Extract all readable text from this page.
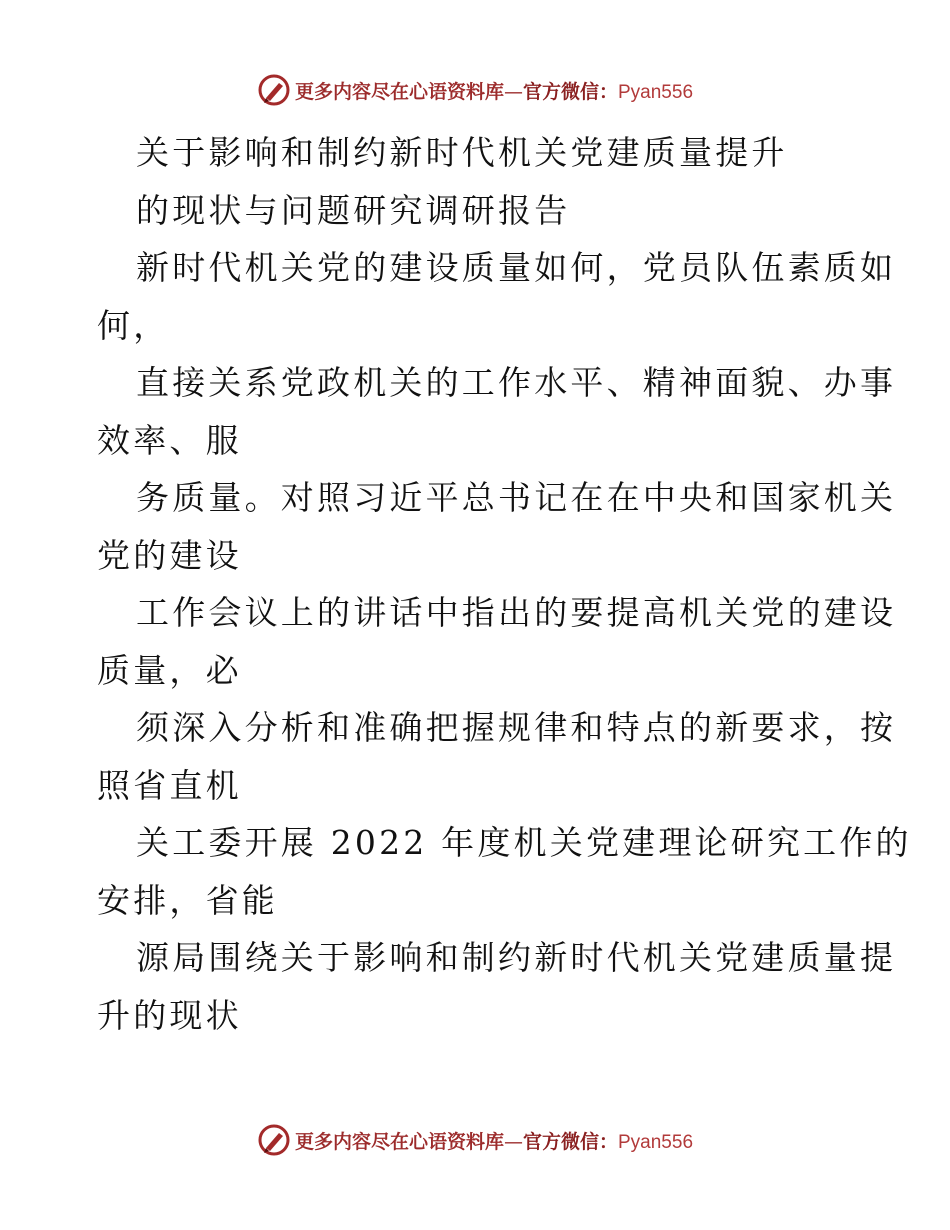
更多内容尽在心语资料库—官方微信：Pyan556
关于影响和制约新时代机关党建质量提升
的现状与问题研究调研报告
新时代机关党的建设质量如何，党员队伍素质如
何，
直接关系党政机关的工作水平、精神面貌、办事
效率、服
务质量。对照习近平总书记在在中央和国家机关
党的建设
工作会议上的讲话中指出的要提高机关党的建设
质量，必
须深入分析和准确把握规律和特点的新要求，按
照省直机
关工委开展 2022 年度机关党建理论研究工作的
安排，省能
源局围绕关于影响和制约新时代机关党建质量提
升的现状
更多内容尽在心语资料库—官方微信：Pyan556
